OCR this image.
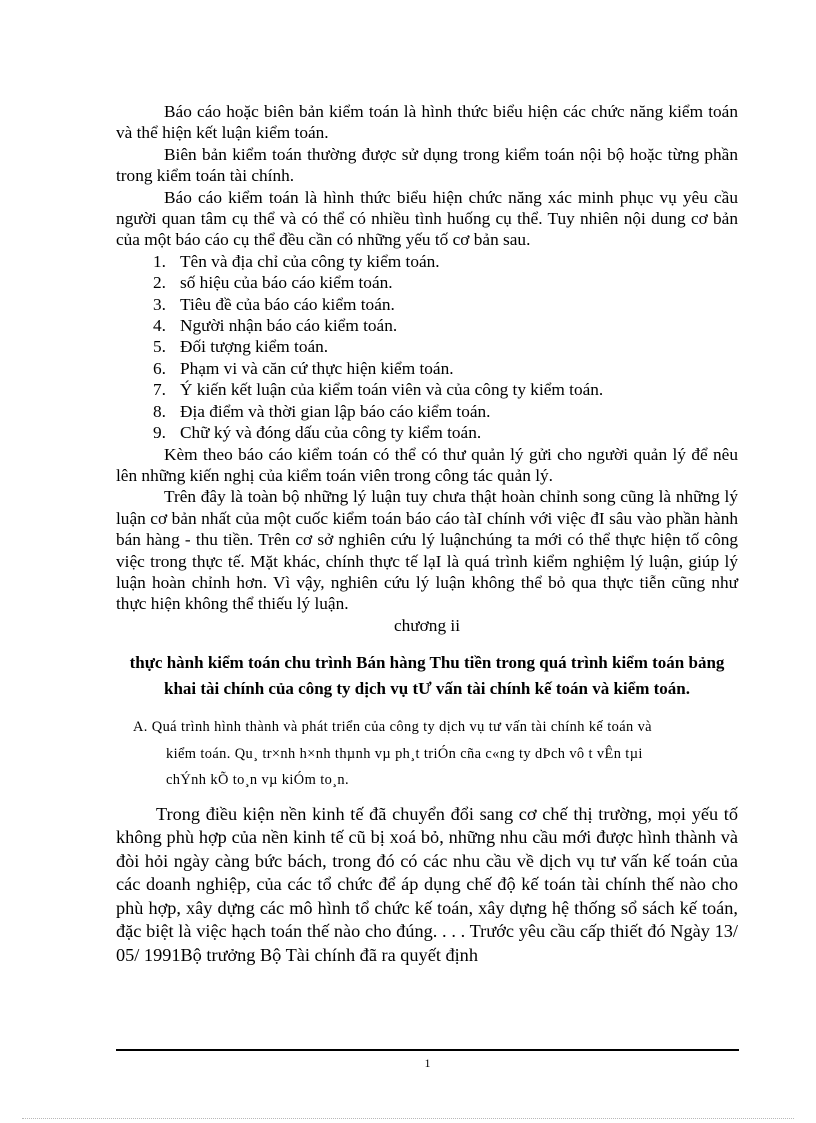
Báo cáo hoặc biên bản kiểm toán là hình thức biểu hiện các chức năng kiểm toán và thể hiện kết luận kiểm toán.

Biên bản kiểm toán thường được sử dụng trong kiểm toán nội bộ hoặc từng phần trong kiểm toán tài chính.

Báo cáo kiểm toán là hình thức biểu hiện chức năng xác minh phục vụ yêu cầu người quan tâm cụ thể và có thể có nhiều tình huống cụ thể. Tuy nhiên nội dung cơ bản của một báo cáo cụ thể đều cần có những yếu tố cơ bản sau.

1. Tên và địa chỉ của công ty kiểm toán.
2. số hiệu của báo cáo kiểm toán.
3. Tiêu đề của báo cáo kiểm toán.
4. Người nhận báo cáo kiểm toán.
5. Đối tượng kiểm toán.
6. Phạm vi và căn cứ thực hiện kiểm toán.
7. Ý kiến kết luận của kiểm toán viên và của công ty kiểm toán.
8. Địa điểm và thời gian lập báo cáo kiểm toán.
9. Chữ ký và đóng dấu của công ty kiểm toán.

Kèm theo báo cáo kiểm toán có thể có thư quản lý gửi cho người quản lý để nêu lên những kiến nghị của kiểm toán viên trong công tác quản lý.

Trên đây là toàn bộ những lý luận tuy chưa thật hoàn chỉnh song cũng là những lý luận cơ bản nhất của một cuốc kiểm toán báo cáo tàI chính với việc đI sâu vào phần hành bán hàng - thu tiền. Trên cơ sở nghiên cứu lý luậnchúng ta mới có thể thực hiện tố công việc trong thực tế. Mặt khác, chính thực tế lạI là quá trình kiểm nghiệm lý luận, giúp lý luận hoàn chỉnh hơn. Vì vậy, nghiên cứu lý luận không thể bỏ qua thực tiễn cũng như thực hiện không thể thiếu lý luận.

chương ii

thực hành kiểm toán chu trình Bán hàng Thu tiền trong quá trình kiểm toán bảng khai tài chính của công ty dịch vụ tƯ vấn tài chính kế toán và kiểm toán.

A. Quá trình hình thành và phát triển của công ty dịch vụ tư vấn tài chính kế toán và
kiểm toán. Qu¸ tr×nh h×nh thµnh vµ ph¸t triÓn cña c«ng ty dÞch vô t vÊn tµi
chÝnh kÕ to¸n vµ kiÓm to¸n.

Trong điều kiện nền kinh tế đã chuyển đổi sang cơ chế thị trường, mọi yếu tố không phù hợp của nền kinh tế cũ bị xoá bỏ, những nhu cầu mới được hình thành và đòi hỏi ngày càng bức bách, trong đó có các nhu cầu về dịch vụ tư vấn kế toán của các doanh nghiệp, của các tổ chức để áp dụng chế độ kế toán tài chính thế nào cho phù hợp, xây dựng các mô hình tổ chức kế toán, xây dựng hệ thống sổ sách kế toán, đặc biệt là việc hạch toán thế nào cho đúng. . . . Trước yêu cầu cấp thiết đó Ngày 13/ 05/ 1991Bộ trưởng Bộ Tài chính đã ra quyết định

1
